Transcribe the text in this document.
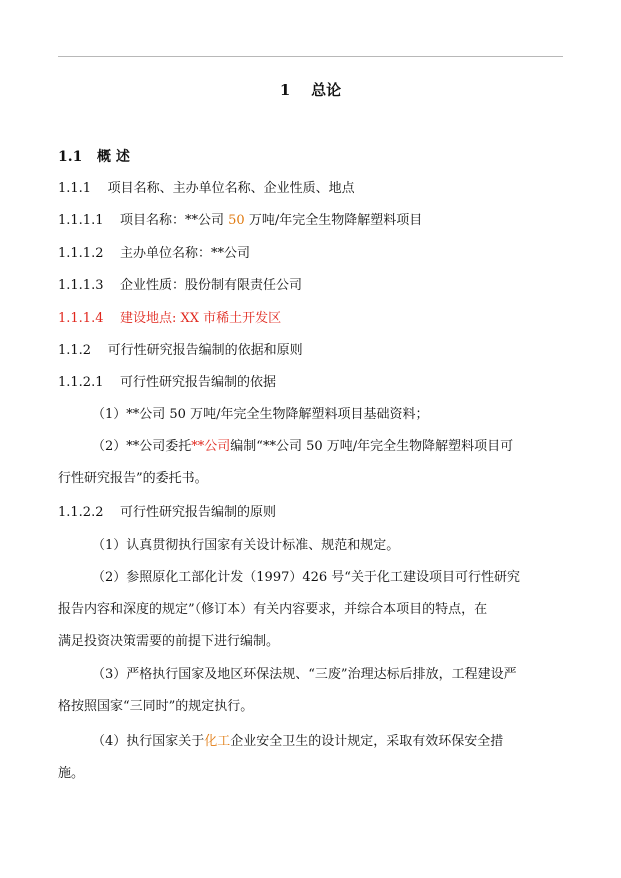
1 总论
1.1 概 述
1.1.1 项目名称、主办单位名称、企业性质、地点
1.1.1.1 项目名称：**公司 50 万吨/年完全生物降解塑料项目
1.1.1.2 主办单位名称：**公司
1.1.1.3 企业性质：股份制有限责任公司
1.1.1.4 建设地点: XX 市稀土开发区
1.1.2 可行性研究报告编制的依据和原则
1.1.2.1 可行性研究报告编制的依据
（1）**公司 50 万吨/年完全生物降解塑料项目基础资料；
（2）**公司委托**公司编制“**公司 50 万吨/年完全生物降解塑料项目可
行性研究报告”的委托书。
1.1.2.2 可行性研究报告编制的原则
（1）认真贯彻执行国家有关设计标准、规范和规定。
（2）参照原化工部化计发（1997）426 号“关于化工建设项目可行性研究
报告内容和深度的规定”（修订本）有关内容要求，并综合本项目的特点，在
满足投资决策需要的前提下进行编制。
（3）严格执行国家及地区环保法规、“三废”治理达标后排放，工程建设严
格按照国家“三同时”的规定执行。
（4）执行国家关于化工企业安全卫生的设计规定，采取有效环保安全措
施。
